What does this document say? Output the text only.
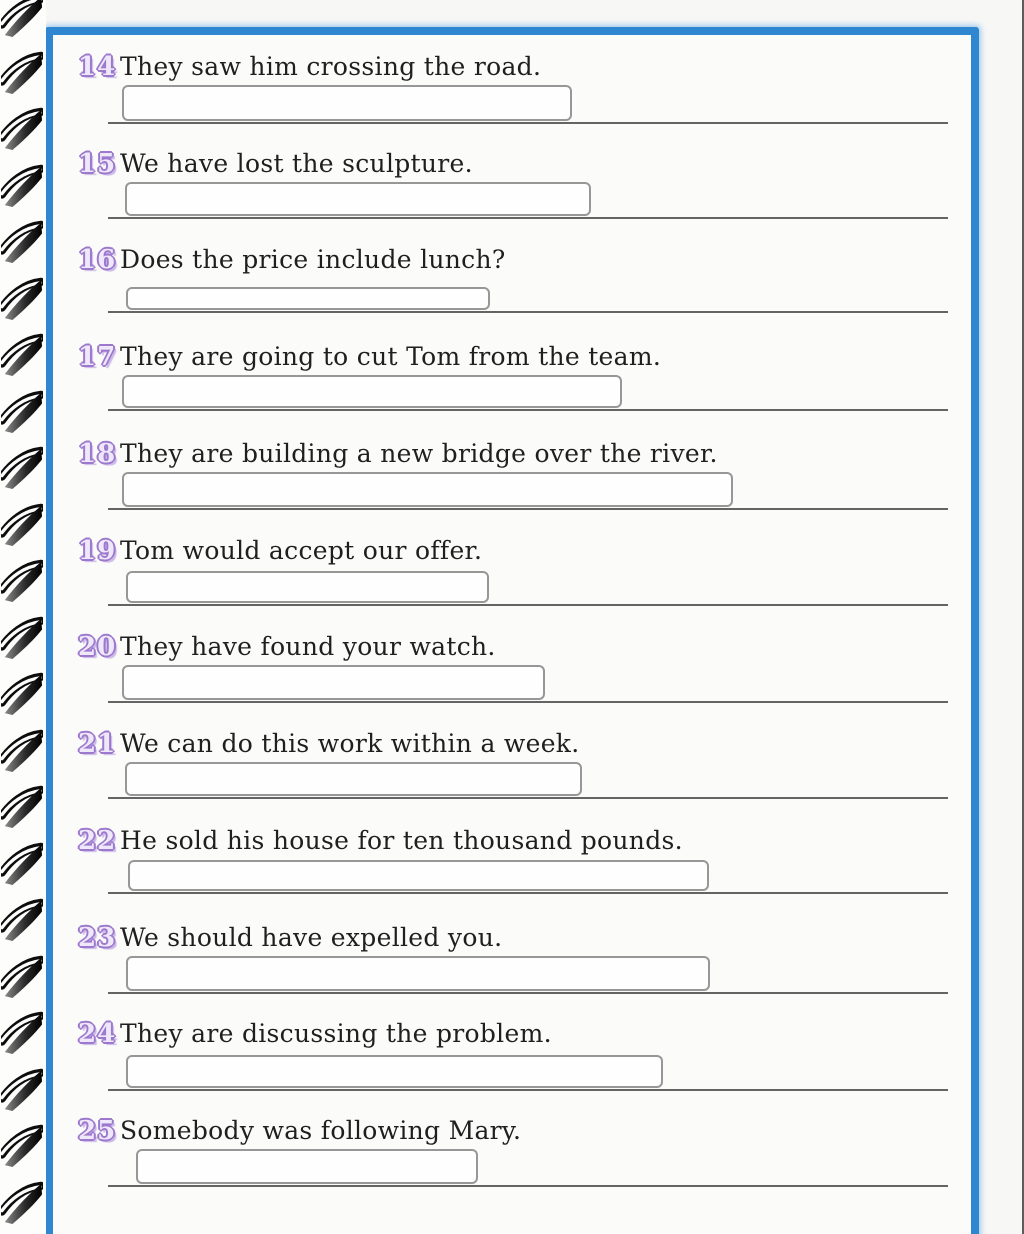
14 They saw him crossing the road.
15 We have lost the sculpture.
16 Does the price include lunch?
17 They are going to cut Tom from the team.
18 They are building a new bridge over the river.
19 Tom would accept our offer.
20 They have found your watch.
21 We can do this work within a week.
22 He sold his house for ten thousand pounds.
23 We should have expelled you.
24 They are discussing the problem.
25 Somebody was following Mary.
